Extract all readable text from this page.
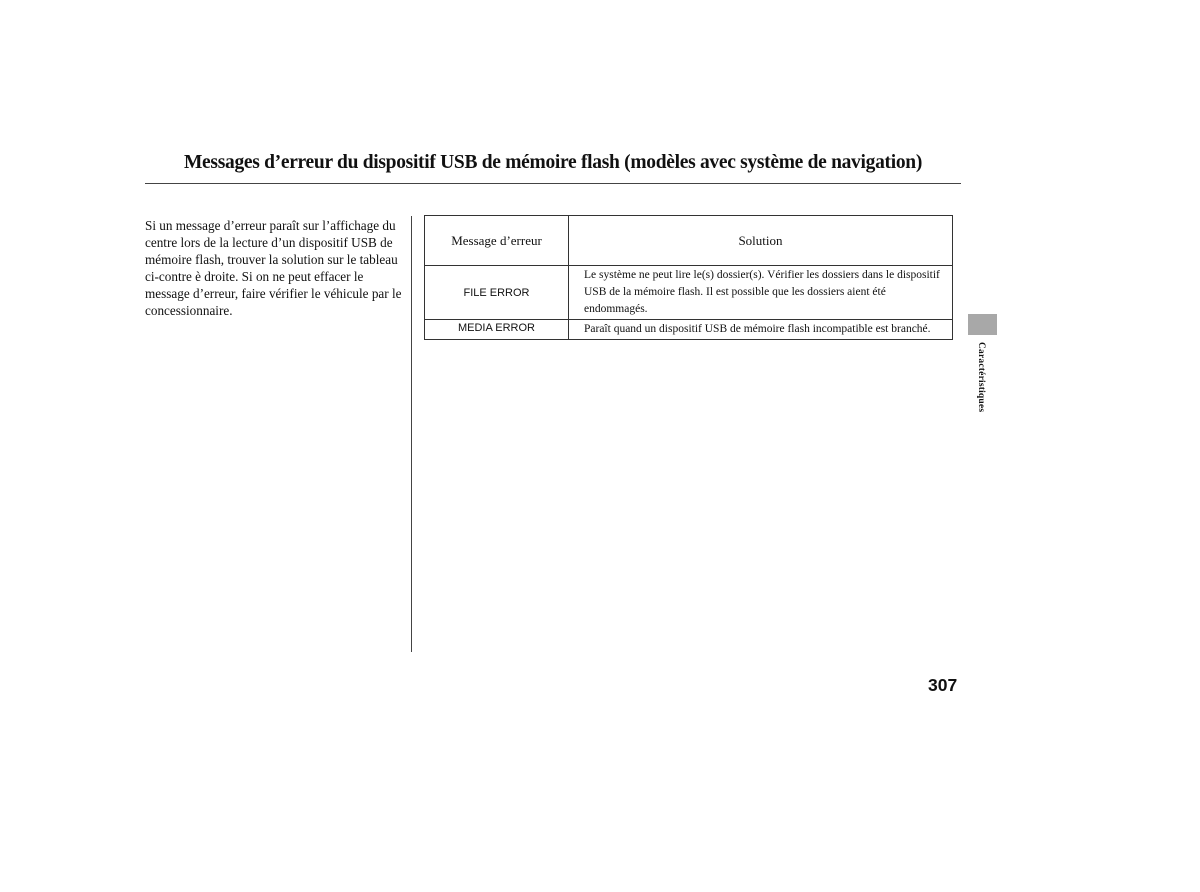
Messages d’erreur du dispositif USB de mémoire flash (modèles avec système de navigation)

Si un message d’erreur paraît sur l’affichage du centre lors de la lecture d’un dispositif USB de mémoire flash, trouver la solution sur le tableau ci-contre è droite. Si on ne peut effacer le message d’erreur, faire vérifier le véhicule par le concessionnaire.

Message d’erreur	Solution
FILE ERROR	Le système ne peut lire le(s) dossier(s). Vérifier les dossiers dans le dispositif USB de la mémoire flash. Il est possible que les dossiers aient été endommagés.
MEDIA ERROR	Paraît quand un dispositif USB de mémoire flash incompatible est branché.
Caractéristiques
307
